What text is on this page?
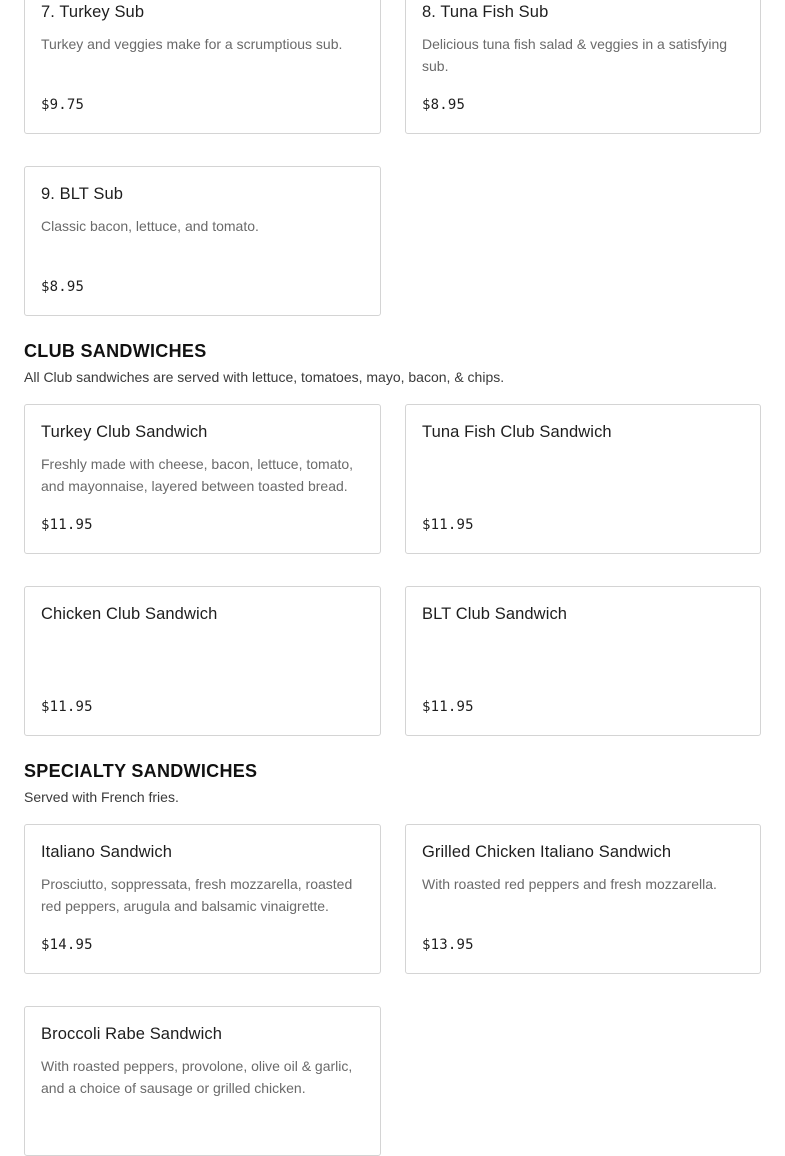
7. Turkey Sub
Turkey and veggies make for a scrumptious sub.
$9.75
8. Tuna Fish Sub
Delicious tuna fish salad & veggies in a satisfying sub.
$8.95
9. BLT Sub
Classic bacon, lettuce, and tomato.
$8.95
CLUB SANDWICHES
All Club sandwiches are served with lettuce, tomatoes, mayo, bacon, & chips.
Turkey Club Sandwich
Freshly made with cheese, bacon, lettuce, tomato, and mayonnaise, layered between toasted bread.
$11.95
Tuna Fish Club Sandwich
$11.95
Chicken Club Sandwich
$11.95
BLT Club Sandwich
$11.95
SPECIALTY SANDWICHES
Served with French fries.
Italiano Sandwich
Prosciutto, soppressata, fresh mozzarella, roasted red peppers, arugula and balsamic vinaigrette.
$14.95
Grilled Chicken Italiano Sandwich
With roasted red peppers and fresh mozzarella.
$13.95
Broccoli Rabe Sandwich
With roasted peppers, provolone, olive oil & garlic, and a choice of sausage or grilled chicken.
